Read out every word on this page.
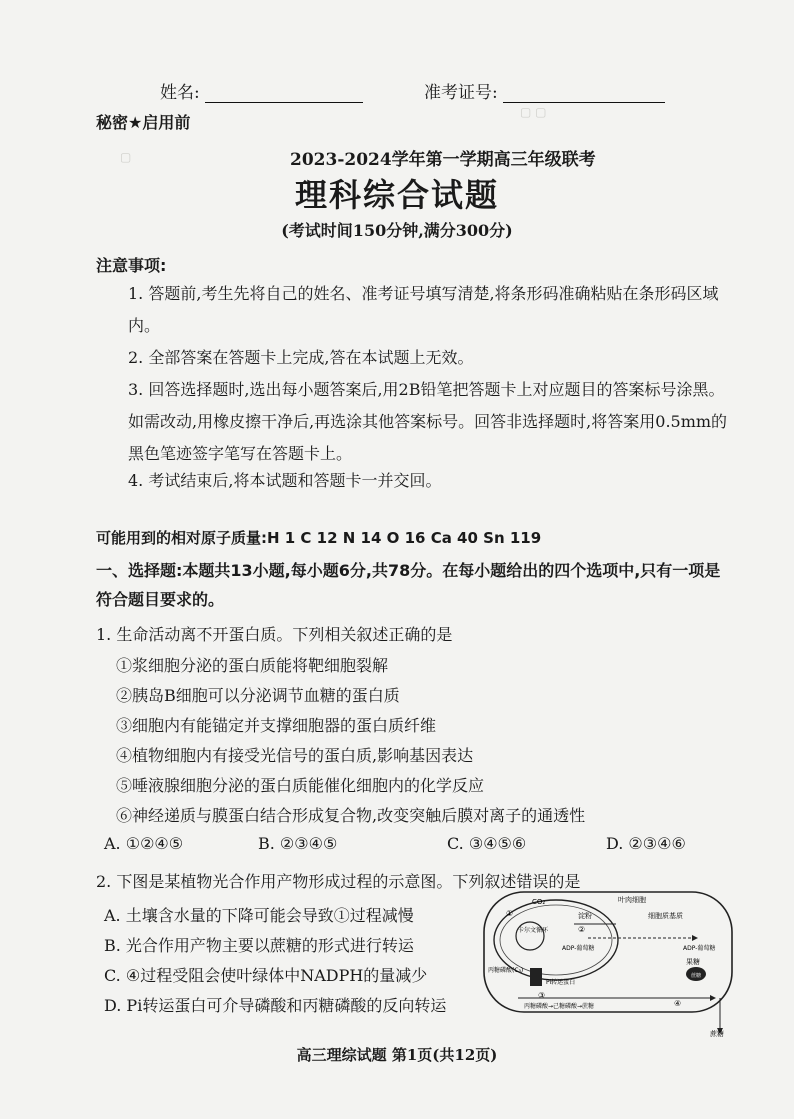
▢ ▢
▢
姓名:	准考证号:
秘密★启用前
2023-2024学年第一学期高三年级联考
理科综合试题
(考试时间150分钟,满分300分)
注意事项:
1. 答题前,考生先将自己的姓名、准考证号填写清楚,将条形码准确粘贴在条形码区域内。
2. 全部答案在答题卡上完成,答在本试题上无效。
3. 回答选择题时,选出每小题答案后,用2B铅笔把答题卡上对应题目的答案标号涂黑。如需改动,用橡皮擦干净后,再选涂其他答案标号。回答非选择题时,将答案用0.5mm的黑色笔迹签字笔写在答题卡上。
4. 考试结束后,将本试题和答题卡一并交回。
可能用到的相对原子质量:H 1 C 12 N 14 O 16 Ca 40 Sn 119
一、选择题:本题共13小题,每小题6分,共78分。在每小题给出的四个选项中,只有一项是符合题目要求的。
1. 生命活动离不开蛋白质。下列相关叙述正确的是
①浆细胞分泌的蛋白质能将靶细胞裂解
②胰岛B细胞可以分泌调节血糖的蛋白质
③细胞内有能锚定并支撑细胞器的蛋白质纤维
④植物细胞内有接受光信号的蛋白质,影响基因表达
⑤唾液腺细胞分泌的蛋白质能催化细胞内的化学反应
⑥神经递质与膜蛋白结合形成复合物,改变突触后膜对离子的通透性
A. ①②④⑤	B. ②③④⑤	C. ③④⑤⑥	D. ②③④⑥
2. 下图是某植物光合作用产物形成过程的示意图。下列叙述错误的是
A. 土壤含水量的下降可能会导致①过程减慢
B. 光合作用产物主要以蔗糖的形式进行转运
C. ④过程受阻会使叶绿体中NADPH的量减少
D. Pi转运蛋白可介导磷酸和丙糖磷酸的反向转运
叶肉细胞
CO₂
卡尔文循环
淀粉
ADP-葡萄糖
细胞质基质
ADP-葡萄糖
丙糖磷酸(C₃)
Pi转运蛋白
果糖
蔗糖
丙糖磷酸→己糖磷酸→蔗糖
蔗糖
①
②
③
④
高三理综试题 第1页(共12页)
